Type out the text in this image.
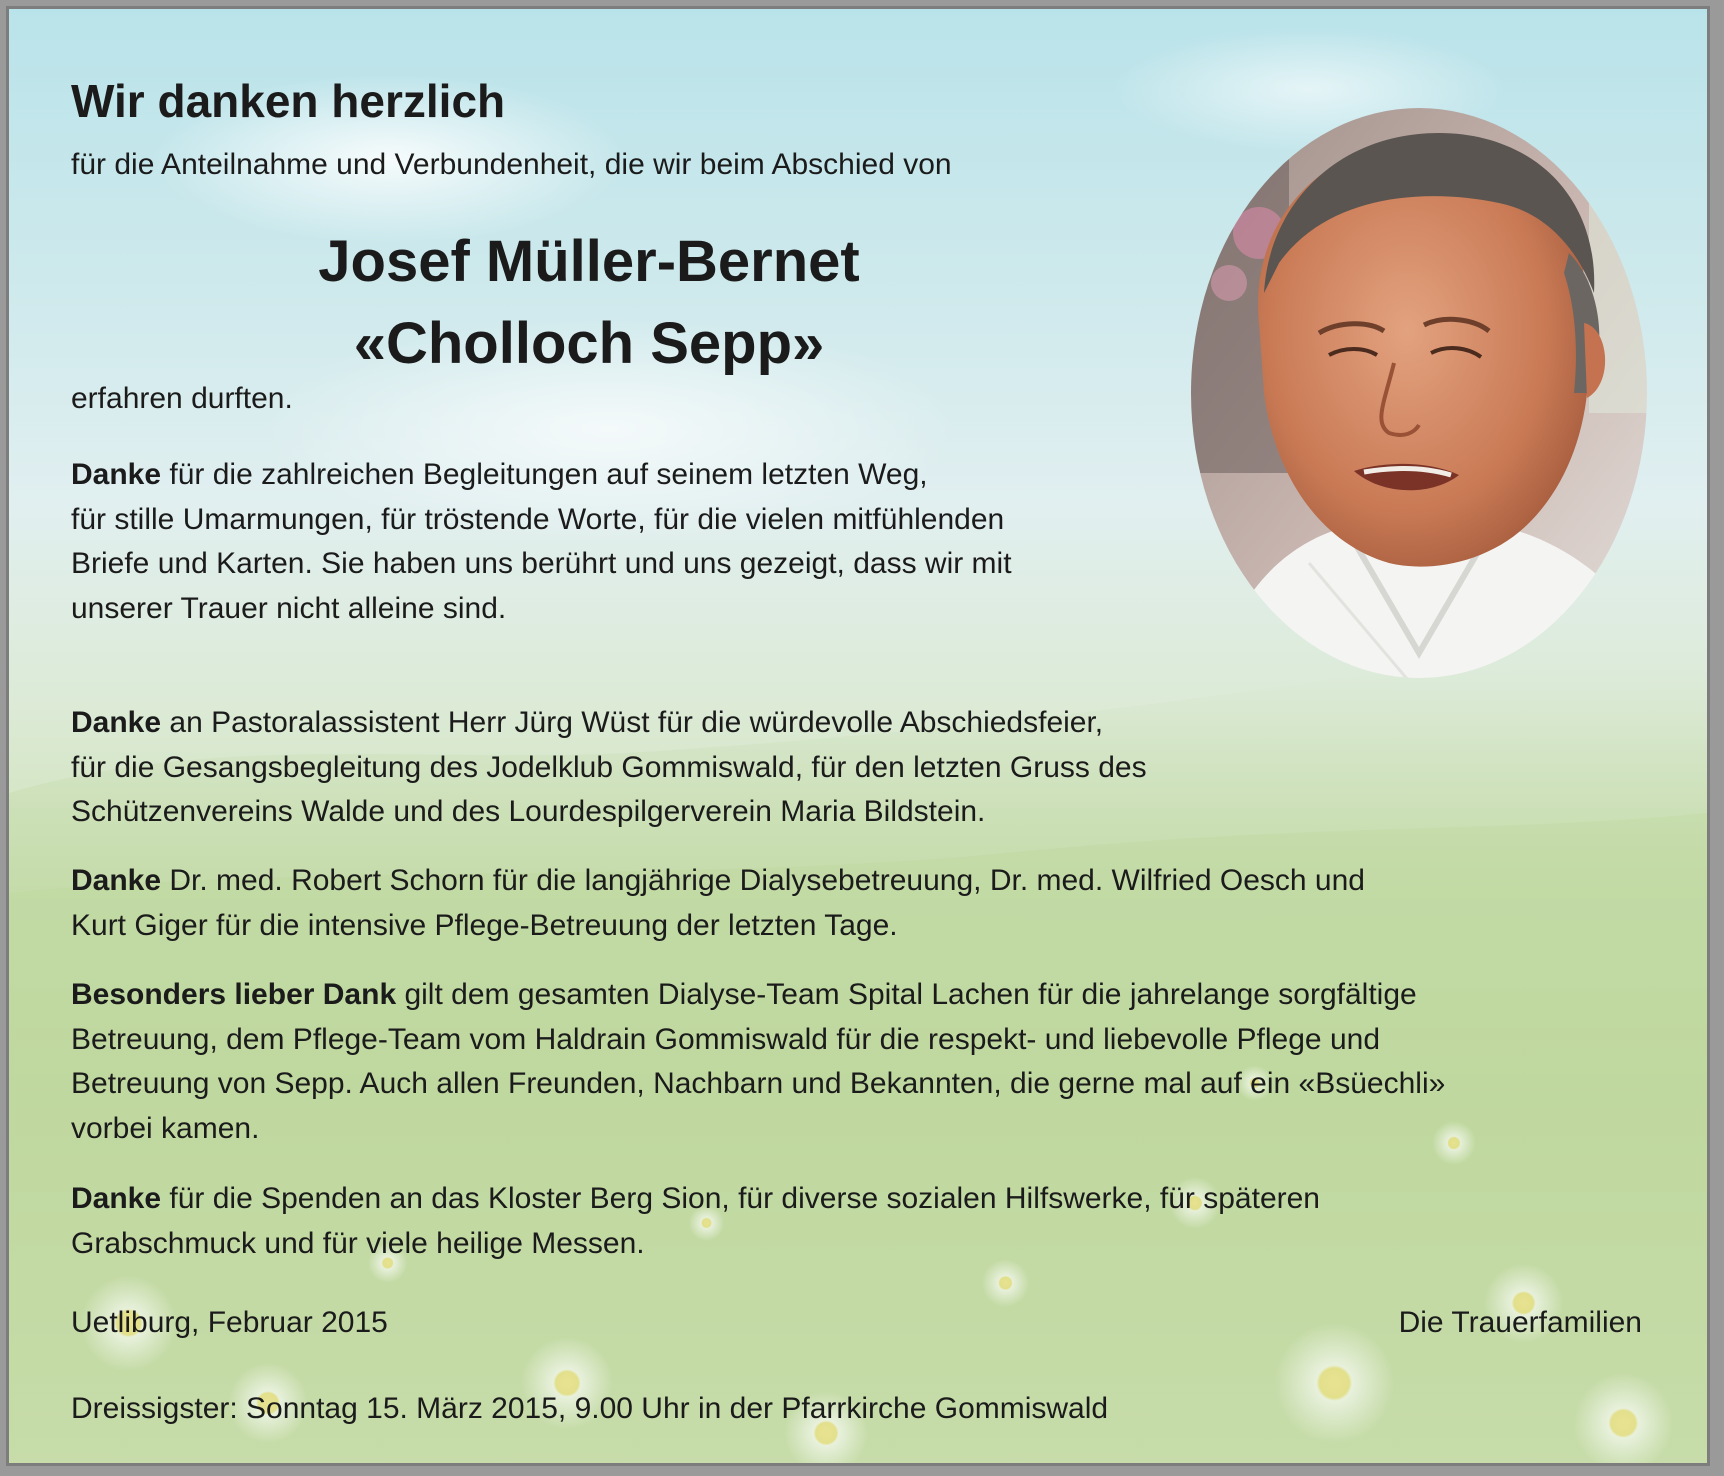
Wir danken herzlich
für die Anteilnahme und Verbundenheit, die wir beim Abschied von
Josef Müller-Bernet
«Cholloch Sepp»
erfahren durften.
Danke für die zahlreichen Begleitungen auf seinem letzten Weg,
für stille Umarmungen, für tröstende Worte, für die vielen mitfühlenden
Briefe und Karten. Sie haben uns berührt und uns gezeigt, dass wir mit
unserer Trauer nicht alleine sind.
Danke an Pastoralassistent Herr Jürg Wüst für die würdevolle Abschiedsfeier,
für die Gesangsbegleitung des Jodelklub Gommiswald, für den letzten Gruss des
Schützenvereins Walde und des Lourdespilgerverein Maria Bildstein.
Danke Dr. med. Robert Schorn für die langjährige Dialysebetreuung, Dr. med. Wilfried Oesch und
Kurt Giger für die intensive Pflege-Betreuung der letzten Tage.
Besonders lieber Dank gilt dem gesamten Dialyse-Team Spital Lachen für die jahrelange sorgfältige
Betreuung, dem Pflege-Team vom Haldrain Gommiswald für die respekt- und liebevolle Pflege und
Betreuung von Sepp. Auch allen Freunden, Nachbarn und Bekannten, die gerne mal auf ein «Bsüechli»
vorbei kamen.
Danke für die Spenden an das Kloster Berg Sion, für diverse sozialen Hilfswerke, für späteren
Grabschmuck und für viele heilige Messen.
Uetliburg, Februar 2015	Die Trauerfamilien
Dreissigster: Sonntag 15. März 2015, 9.00 Uhr in der Pfarrkirche Gommiswald
